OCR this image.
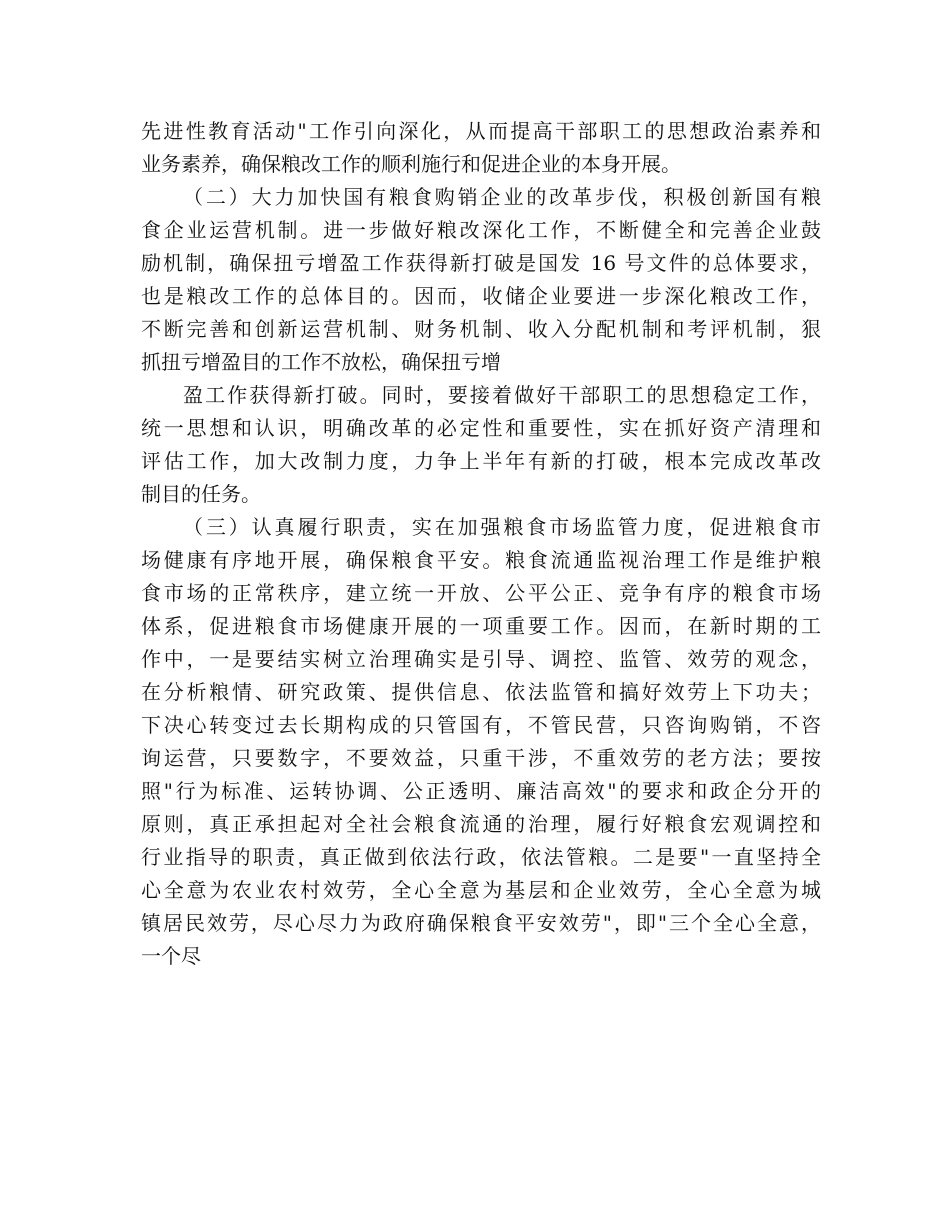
先进性教育活动"工作引向深化，从而提高干部职工的思想政治素养和
业务素养，确保粮改工作的顺利施行和促进企业的本身开展。
（二）大力加快国有粮食购销企业的改革步伐，积极创新国有粮
食企业运营机制。进一步做好粮改深化工作，不断健全和完善企业鼓
励机制，确保扭亏增盈工作获得新打破是国发 16 号文件的总体要求，
也是粮改工作的总体目的。因而，收储企业要进一步深化粮改工作，
不断完善和创新运营机制、财务机制、收入分配机制和考评机制，狠
抓扭亏增盈目的工作不放松，确保扭亏增
盈工作获得新打破。同时，要接着做好干部职工的思想稳定工作，
统一思想和认识，明确改革的必定性和重要性，实在抓好资产清理和
评估工作，加大改制力度，力争上半年有新的打破，根本完成改革改
制目的任务。
（三）认真履行职责，实在加强粮食市场监管力度，促进粮食市
场健康有序地开展，确保粮食平安。粮食流通监视治理工作是维护粮
食市场的正常秩序，建立统一开放、公平公正、竞争有序的粮食市场
体系，促进粮食市场健康开展的一项重要工作。因而，在新时期的工
作中，一是要结实树立治理确实是引导、调控、监管、效劳的观念，
在分析粮情、研究政策、提供信息、依法监管和搞好效劳上下功夫；
下决心转变过去长期构成的只管国有，不管民营，只咨询购销，不咨
询运营，只要数字，不要效益，只重干涉，不重效劳的老方法；要按
照"行为标准、运转协调、公正透明、廉洁高效"的要求和政企分开的
原则，真正承担起对全社会粮食流通的治理，履行好粮食宏观调控和
行业指导的职责，真正做到依法行政，依法管粮。二是要"一直坚持全
心全意为农业农村效劳，全心全意为基层和企业效劳，全心全意为城
镇居民效劳，尽心尽力为政府确保粮食平安效劳"，即"三个全心全意，
一个尽
